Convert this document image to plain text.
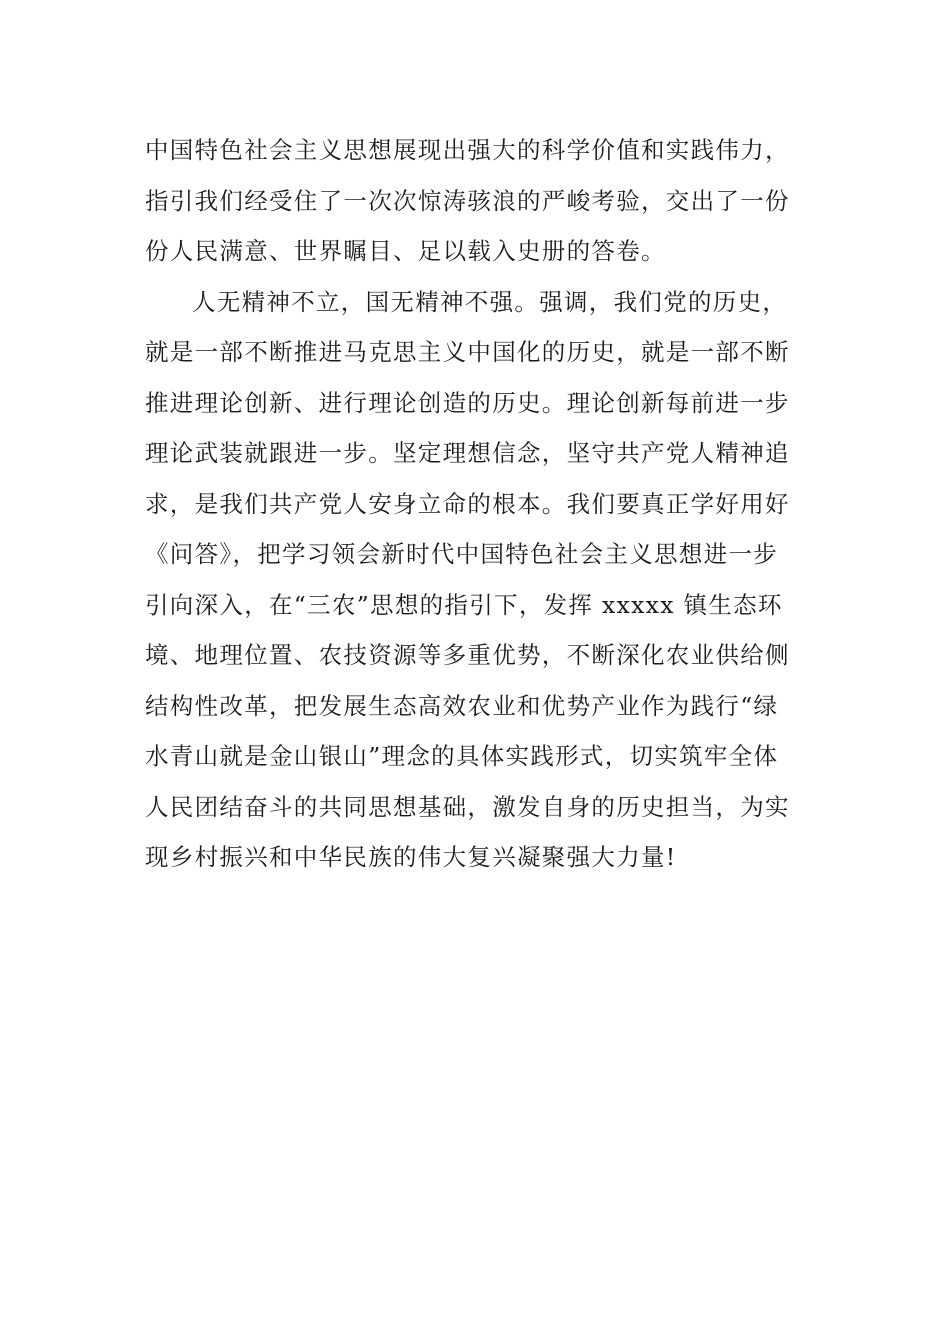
中国特色社会主义思想展现出强大的科学价值和实践伟力，
指引我们经受住了一次次惊涛骇浪的严峻考验，交出了一份
份人民满意、世界瞩目、足以载入史册的答卷。
人无精神不立，国无精神不强。强调，我们党的历史，
就是一部不断推进马克思主义中国化的历史，就是一部不断
推进理论创新、进行理论创造的历史。理论创新每前进一步
理论武装就跟进一步。坚定理想信念，坚守共产党人精神追
求，是我们共产党人安身立命的根本。我们要真正学好用好
《问答》，把学习领会新时代中国特色社会主义思想进一步
引向深入，在“三农”思想的指引下，发挥 xxxxx 镇生态环
境、地理位置、农技资源等多重优势，不断深化农业供给侧
结构性改革，把发展生态高效农业和优势产业作为践行“绿
水青山就是金山银山”理念的具体实践形式，切实筑牢全体
人民团结奋斗的共同思想基础，激发自身的历史担当，为实
现乡村振兴和中华民族的伟大复兴凝聚强大力量!
